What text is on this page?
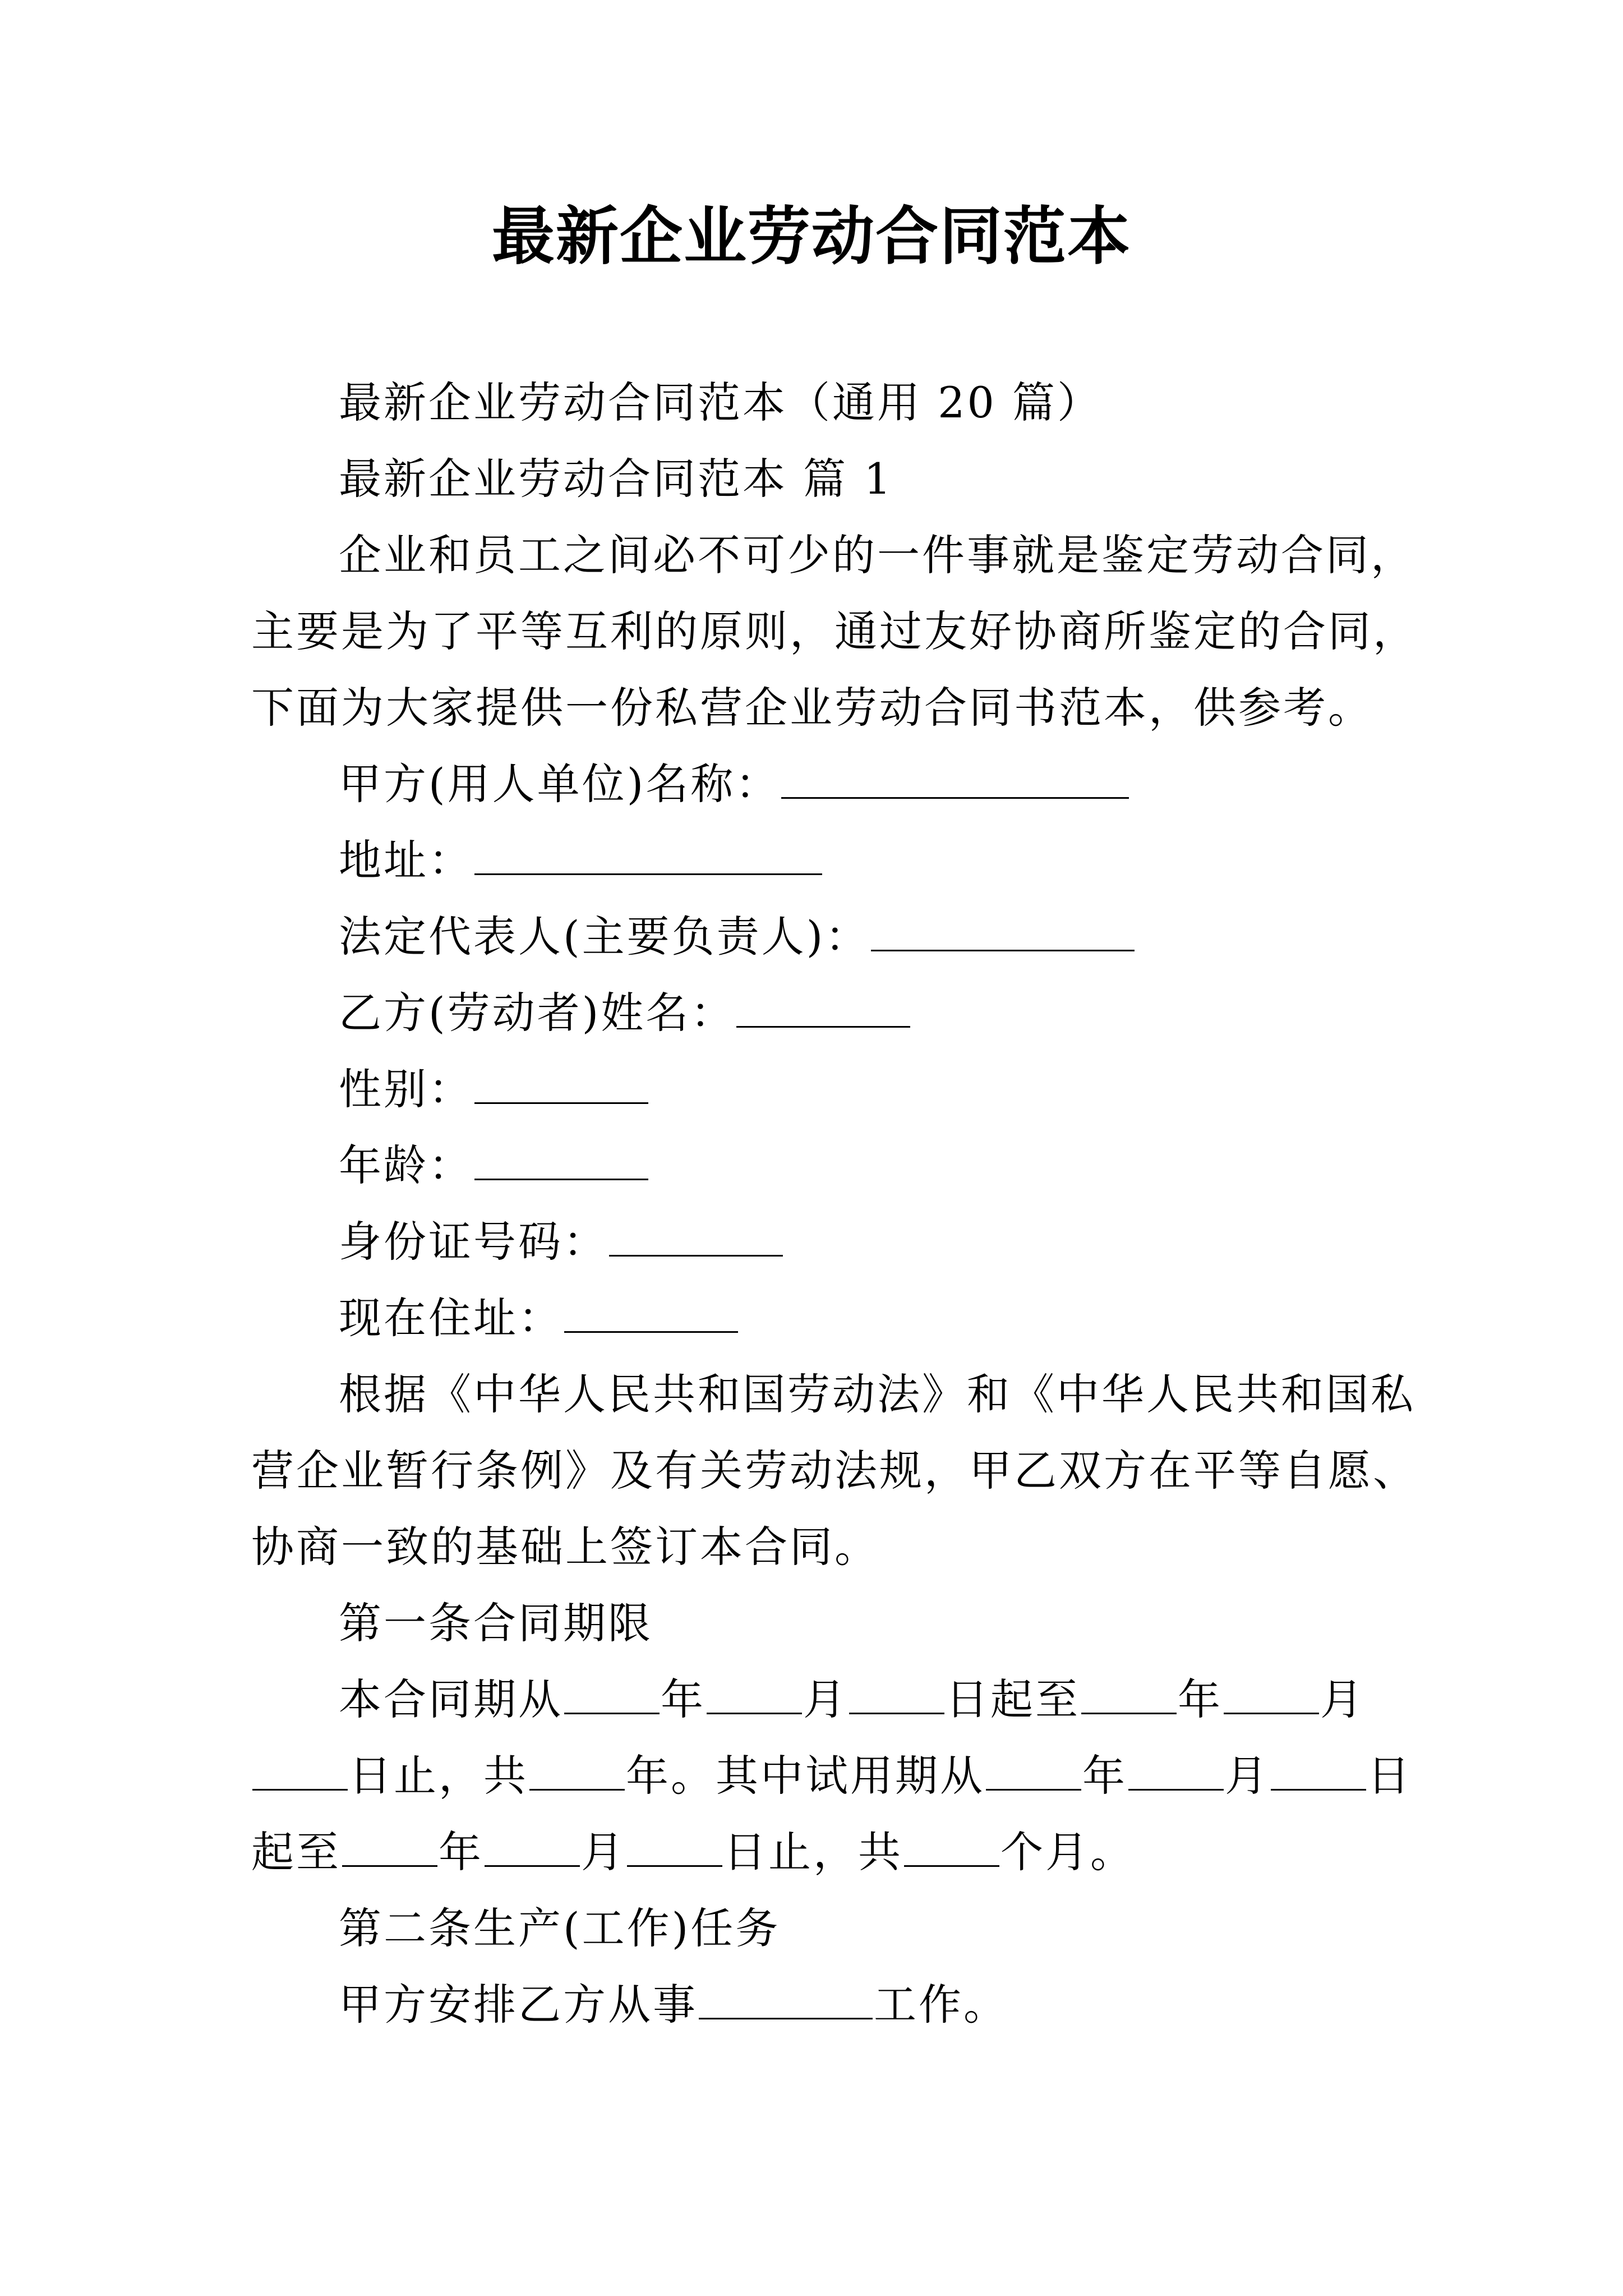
最新企业劳动合同范本

最新企业劳动合同范本（通用 20 篇）

最新企业劳动合同范本 篇 1

企业和员工之间必不可少的一件事就是鉴定劳动合同，主要是为了平等互利的原则，通过友好协商所鉴定的合同，下面为大家提供一份私营企业劳动合同书范本，供参考。

甲方(用人单位)名称：

地址：

法定代表人(主要负责人)：

乙方(劳动者)姓名：

性别：

年龄：

身份证号码：

现在住址：

根据《中华人民共和国劳动法》和《中华人民共和国私营企业暂行条例》及有关劳动法规，甲乙双方在平等自愿、协商一致的基础上签订本合同。

第一条合同期限

本合同期从 年 月 日起至 年 月日止，共 年。其中试用期从 年 月 日起至 年 月 日止，共 个月。

第二条生产(工作)任务

甲方安排乙方从事	工作。
